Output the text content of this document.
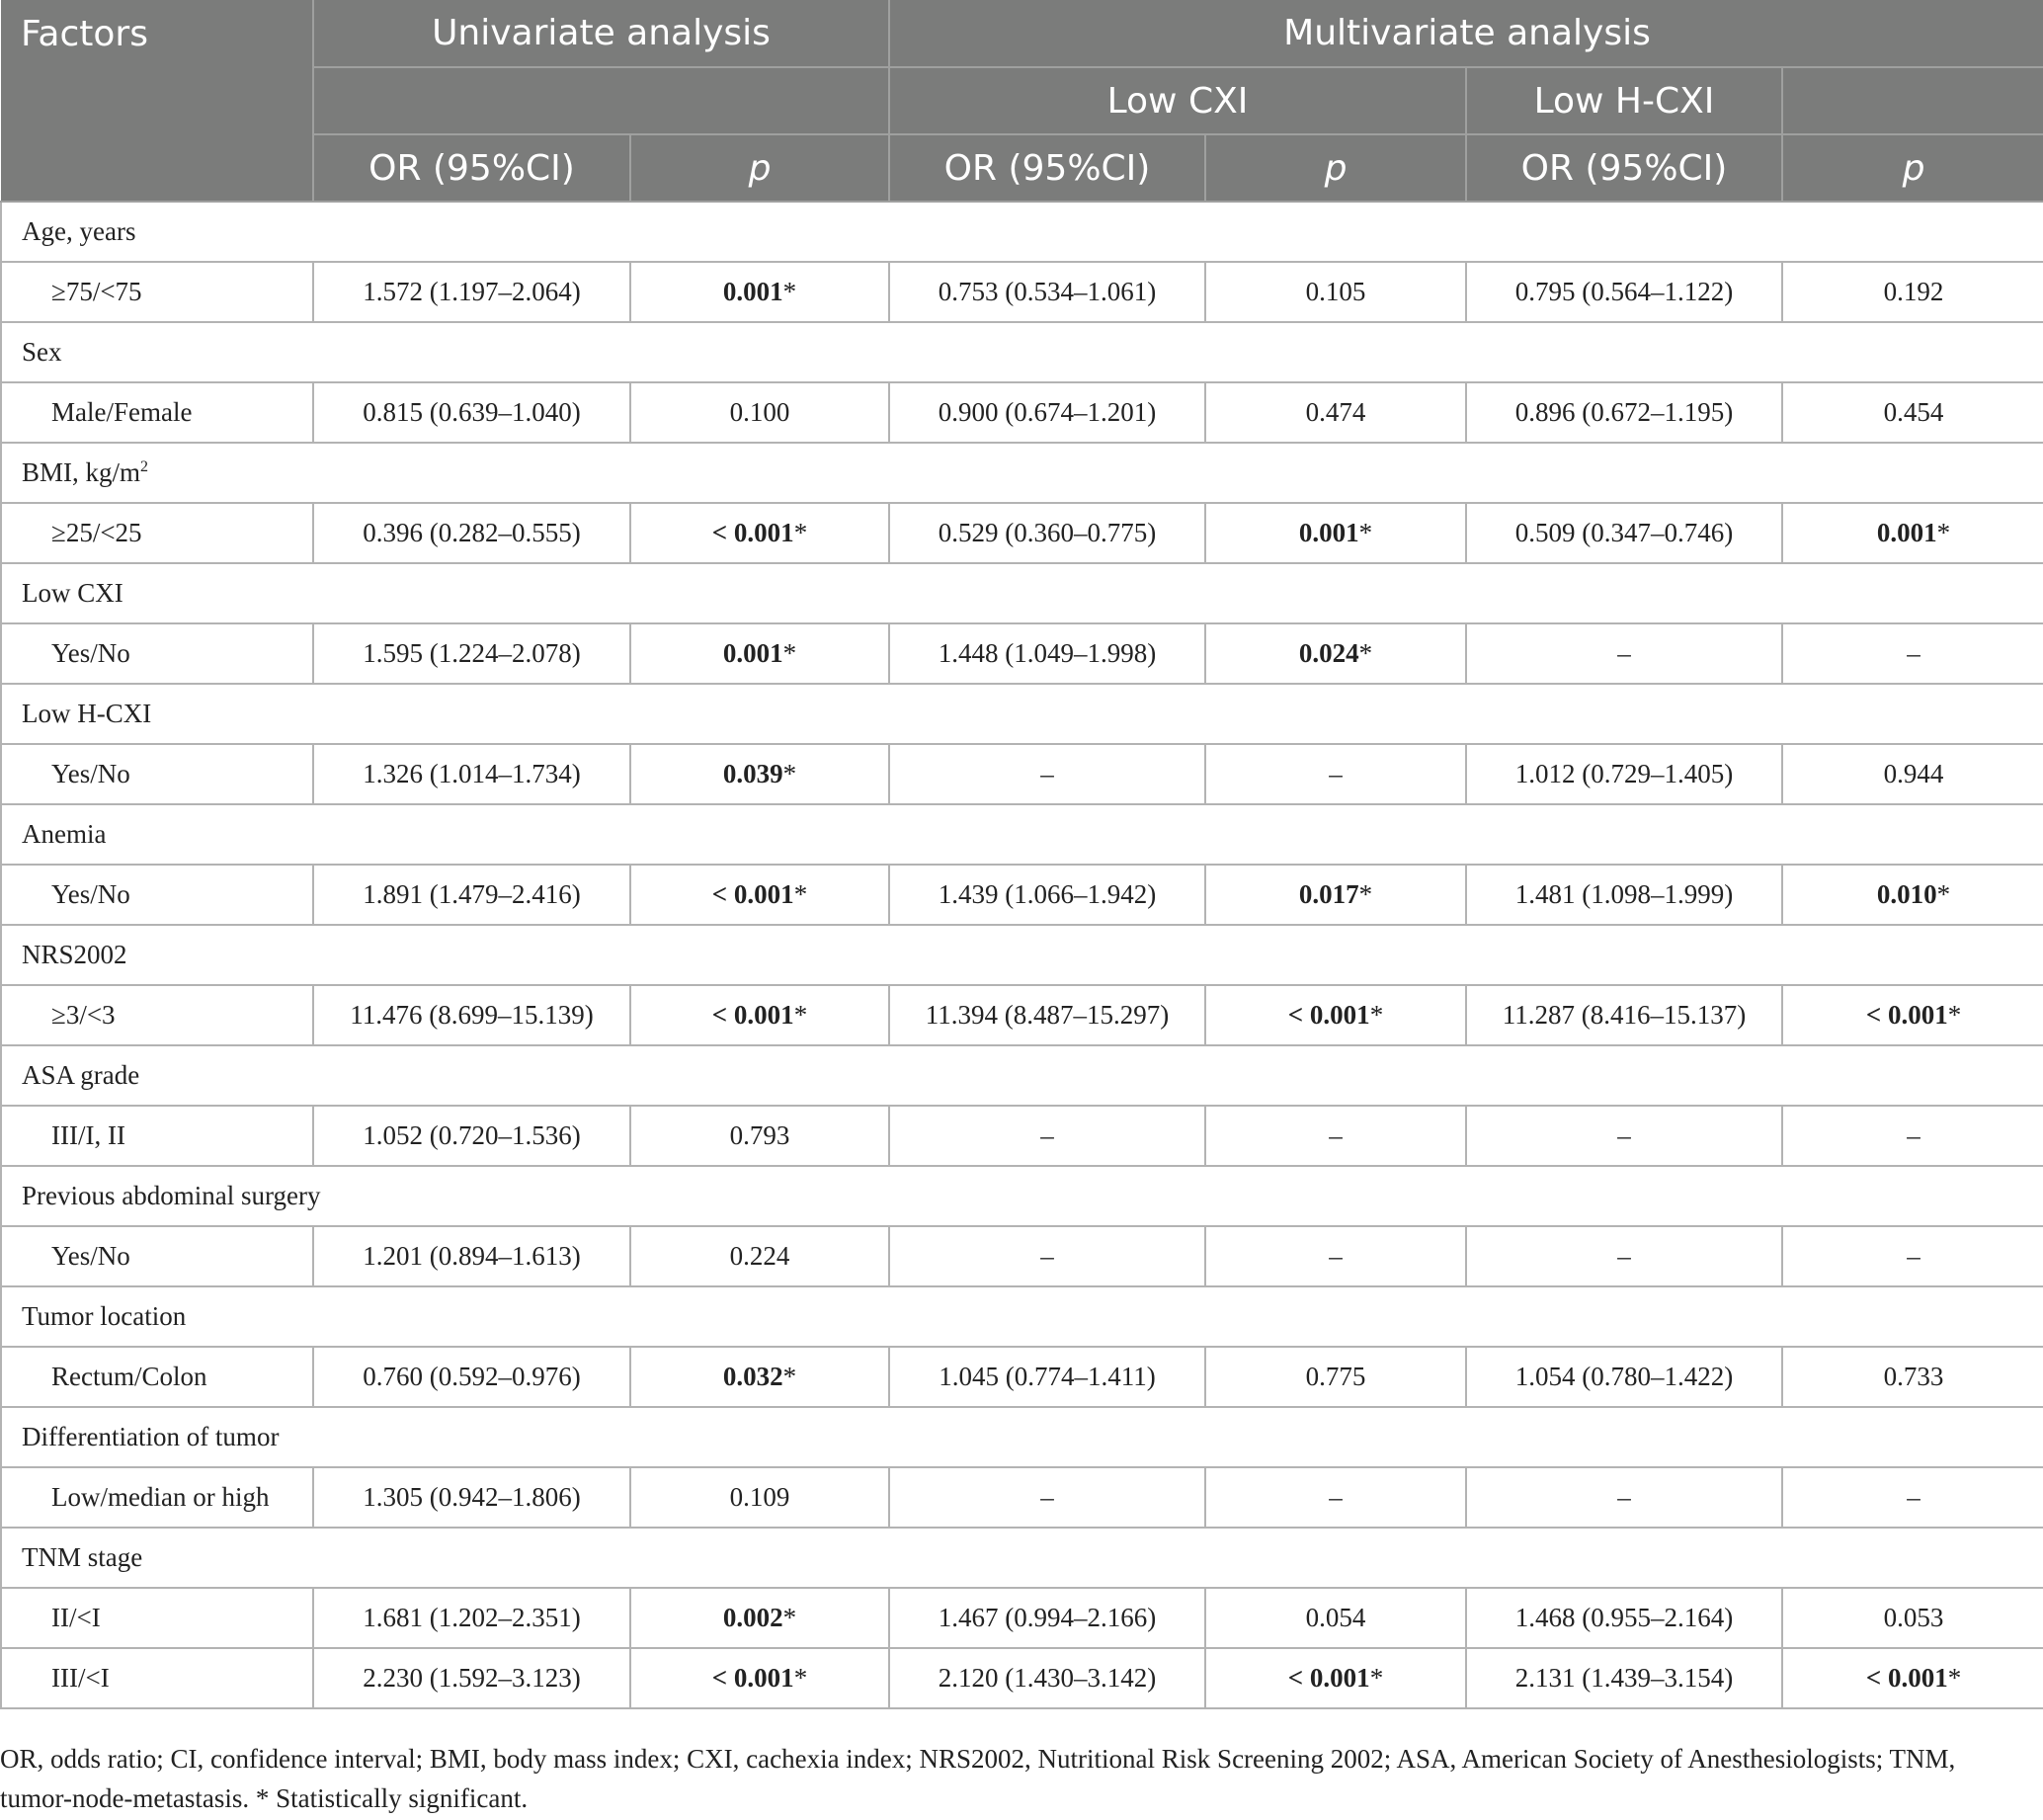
Factors	Univariate analysis		Multivariate analysis			
			Low CXI		Low H-CXI	
	OR (95%CI)	p	OR (95%CI)	p	OR (95%CI)	p
Age, years						
≥75/<75	1.572 (1.197–2.064)	0.001*	0.753 (0.534–1.061)	0.105	0.795 (0.564–1.122)	0.192
Sex						
Male/Female	0.815 (0.639–1.040)	0.100	0.900 (0.674–1.201)	0.474	0.896 (0.672–1.195)	0.454
BMI, $kg/m^2$
≥25/<25	0.396 (0.282–0.555)	< 0.001*	0.529 (0.360–0.775)	0.001*	0.509 (0.347–0.746)	0.001*
Low CXI						
Yes/No	1.595 (1.224–2.078)	0.001*	1.448 (1.049–1.998)	0.024*	–	–
Low H-CXI						
Yes/No	1.326 (1.014–1.734)	0.039*	–	–	1.012 (0.729–1.405)	0.944
Anemia						
Yes/No	1.891 (1.479–2.416)	< 0.001*	1.439 (1.066–1.942)	0.017*	1.481 (1.098–1.999)	0.010*
NRS2002						
≥3/<3	11.476 (8.699–15.139)	< 0.001*	11.394 (8.487–15.297)	< 0.001*	11.287 (8.416–15.137)	< 0.001*
ASA grade						
III/I, II	1.052 (0.720–1.536)	0.793	–	–	–	–
Previous abdominal surgery						
Yes/No	1.201 (0.894–1.613)	0.224	–	–	–	–
Tumor location						
Rectum/Colon	0.760 (0.592–0.976)	0.032*	1.045 (0.774–1.411)	0.775	1.054 (0.780–1.422)	0.733
Differentiation of tumor						
Low/median or high	1.305 (0.942–1.806)	0.109	–	–	–	–
TNM stage						
II/<I	1.681 (1.202–2.351)	0.002*	1.467 (0.994–2.166)	0.054	1.468 (0.955–2.164)	0.053
III/<I	2.230 (1.592–3.123)	< 0.001*	2.120 (1.430–3.142)	< 0.001*	2.131 (1.439–3.154)	< 0.001*
OR, odds ratio; CI, confidence interval; BMI, body mass index; CXI, cachexia index; NRS2002, Nutritional Risk Screening 2002; ASA, American Society of Anesthesiologists; TNM, tumor-node-metastasis. * Statistically significant.
